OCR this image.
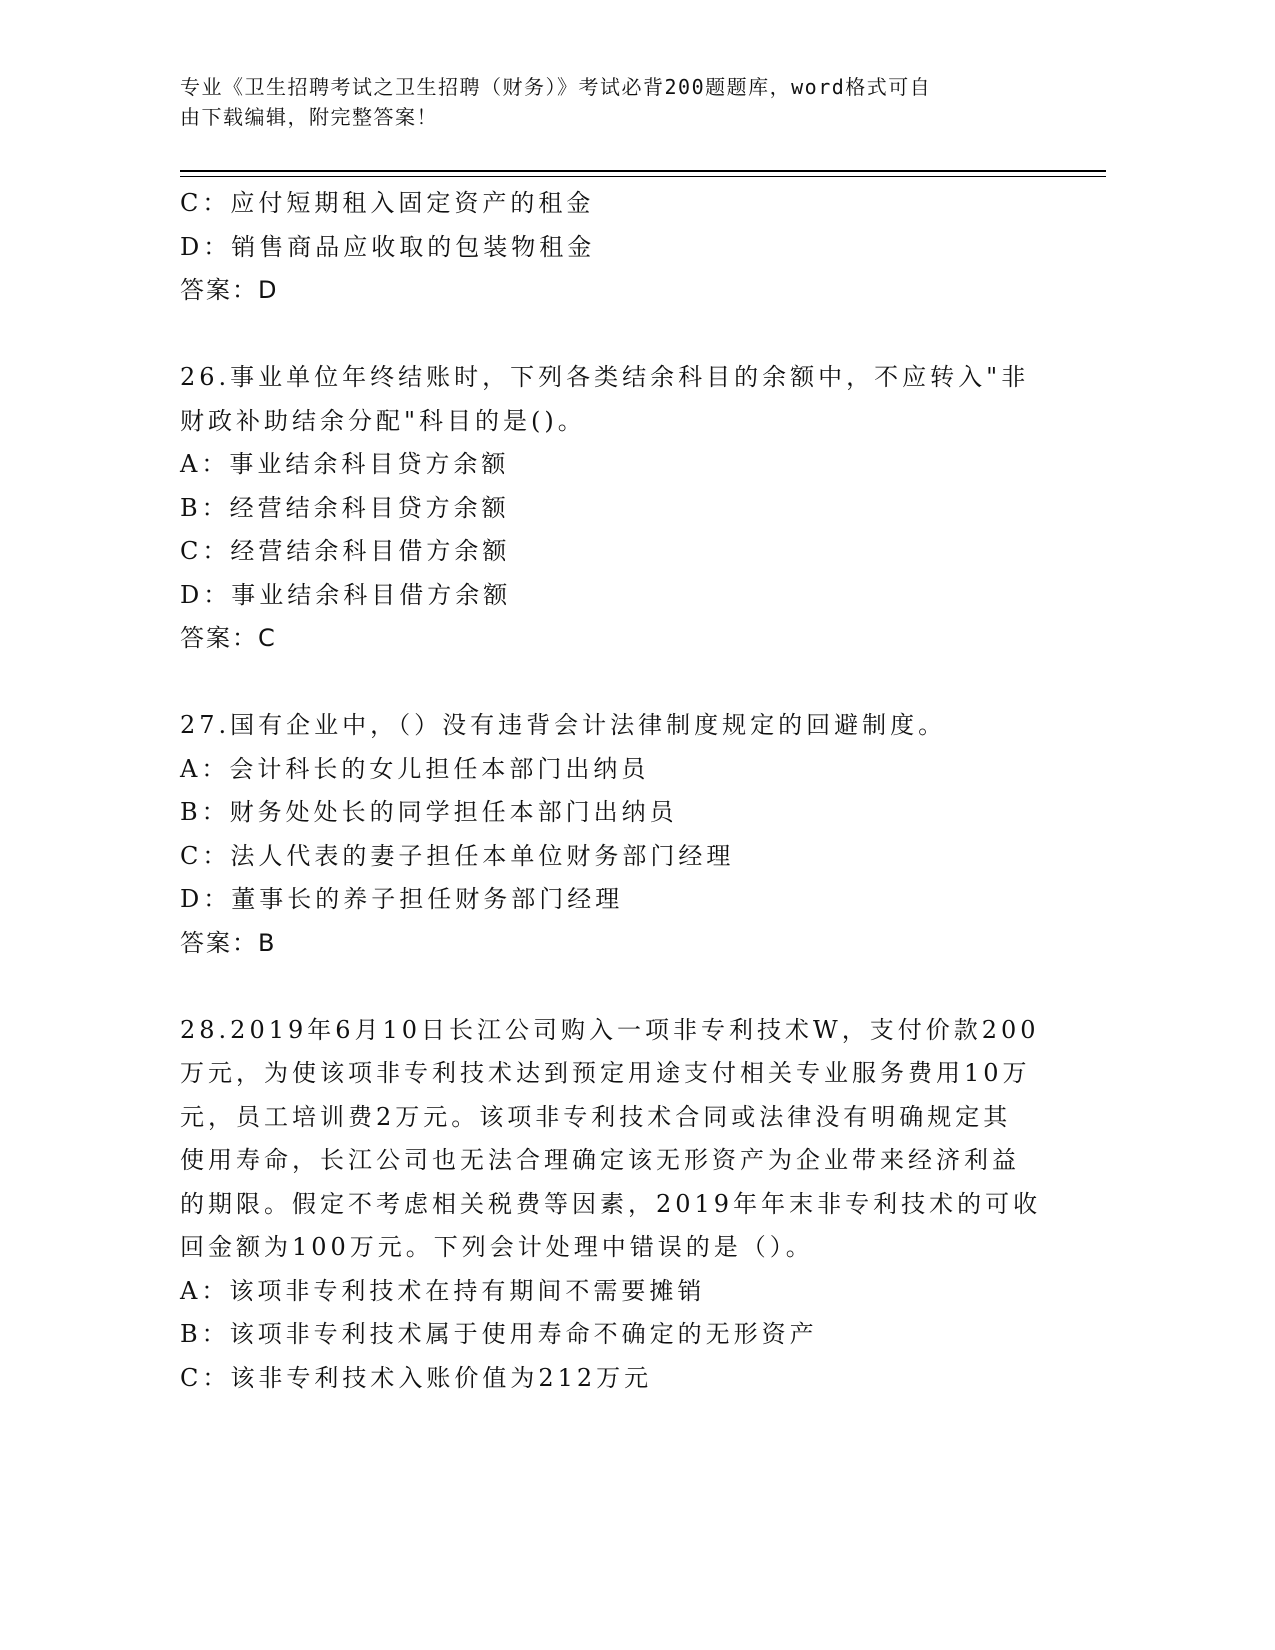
专业《卫生招聘考试之卫生招聘（财务）》考试必背200题题库，word格式可自
由下载编辑，附完整答案！
C：应付短期租入固定资产的租金
D：销售商品应收取的包装物租金
答案：D
26.事业单位年终结账时，下列各类结余科目的余额中，不应转入"非
财政补助结余分配"科目的是()。
A：事业结余科目贷方余额
B：经营结余科目贷方余额
C：经营结余科目借方余额
D：事业结余科目借方余额
答案：C
27.国有企业中，（）没有违背会计法律制度规定的回避制度。
A：会计科长的女儿担任本部门出纳员
B：财务处处长的同学担任本部门出纳员
C：法人代表的妻子担任本单位财务部门经理
D：董事长的养子担任财务部门经理
答案：B
28.2019年6月10日长江公司购入一项非专利技术W，支付价款200
万元，为使该项非专利技术达到预定用途支付相关专业服务费用10万
元，员工培训费2万元。该项非专利技术合同或法律没有明确规定其
使用寿命，长江公司也无法合理确定该无形资产为企业带来经济利益
的期限。假定不考虑相关税费等因素，2019年年末非专利技术的可收
回金额为100万元。下列会计处理中错误的是（）。
A：该项非专利技术在持有期间不需要摊销
B：该项非专利技术属于使用寿命不确定的无形资产
C：该非专利技术入账价值为212万元
